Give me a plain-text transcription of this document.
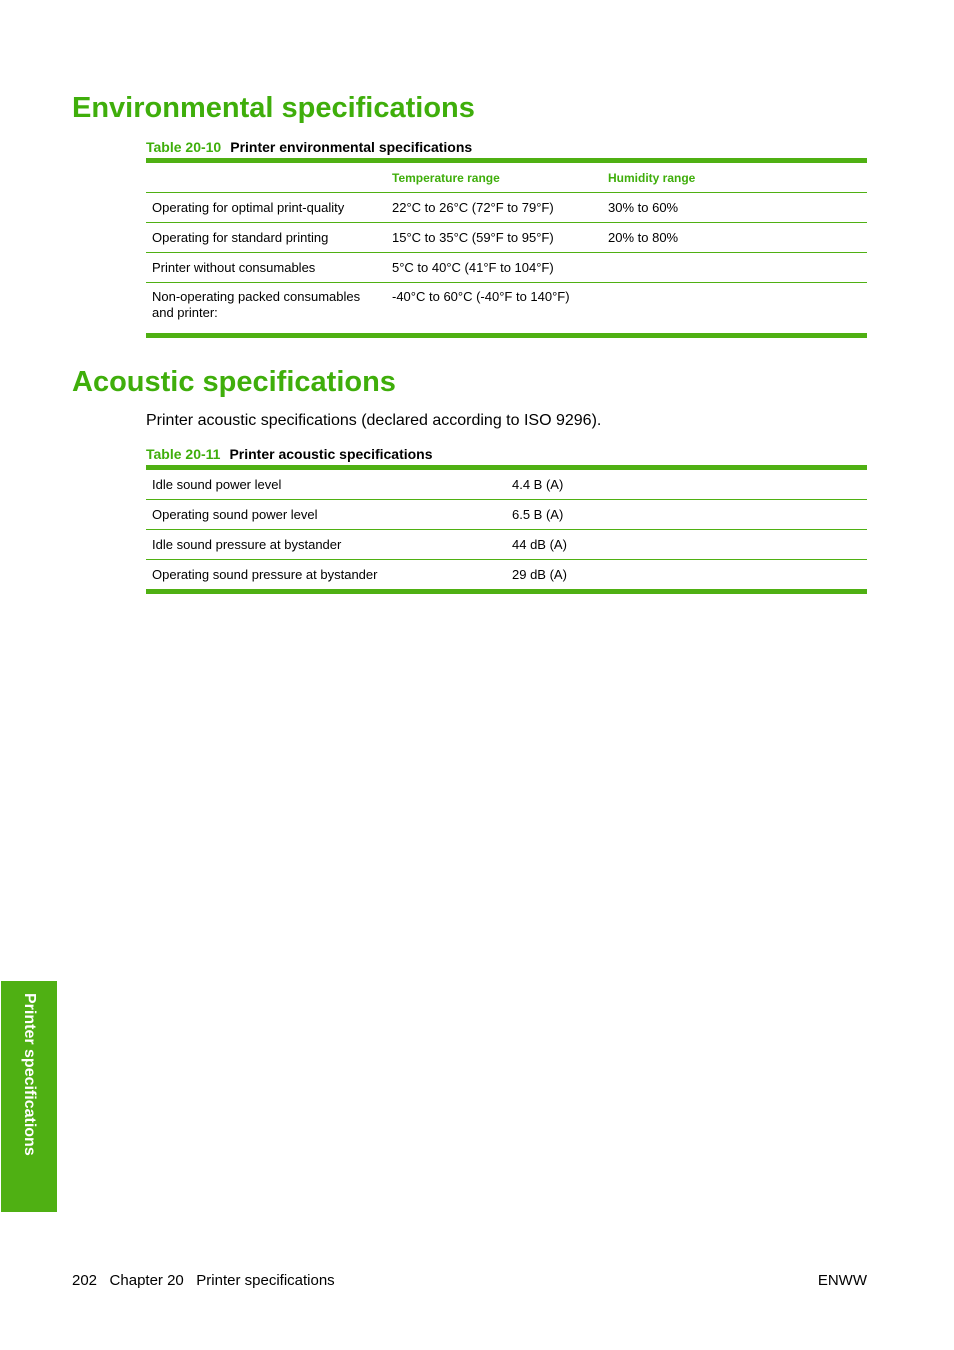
Environmental specifications
Table 20-10 Printer environmental specifications
	Temperature range	Humidity range
Operating for optimal print-quality	22°C to 26°C (72°F to 79°F)	30% to 60%
Operating for standard printing	15°C to 35°C (59°F to 95°F)	20% to 80%
Printer without consumables	5°C to 40°C (41°F to 104°F)	
Non-operating packed consumables and printer:	-40°C to 60°C (-40°F to 140°F)	
Acoustic specifications
Printer acoustic specifications (declared according to ISO 9296).
Table 20-11 Printer acoustic specifications
Idle sound power level	4.4 B (A)
Operating sound power level	6.5 B (A)
Idle sound pressure at bystander	44 dB (A)
Operating sound pressure at bystander	29 dB (A)
Printer specifications
202 Chapter 20 Printer specifications	ENWW
